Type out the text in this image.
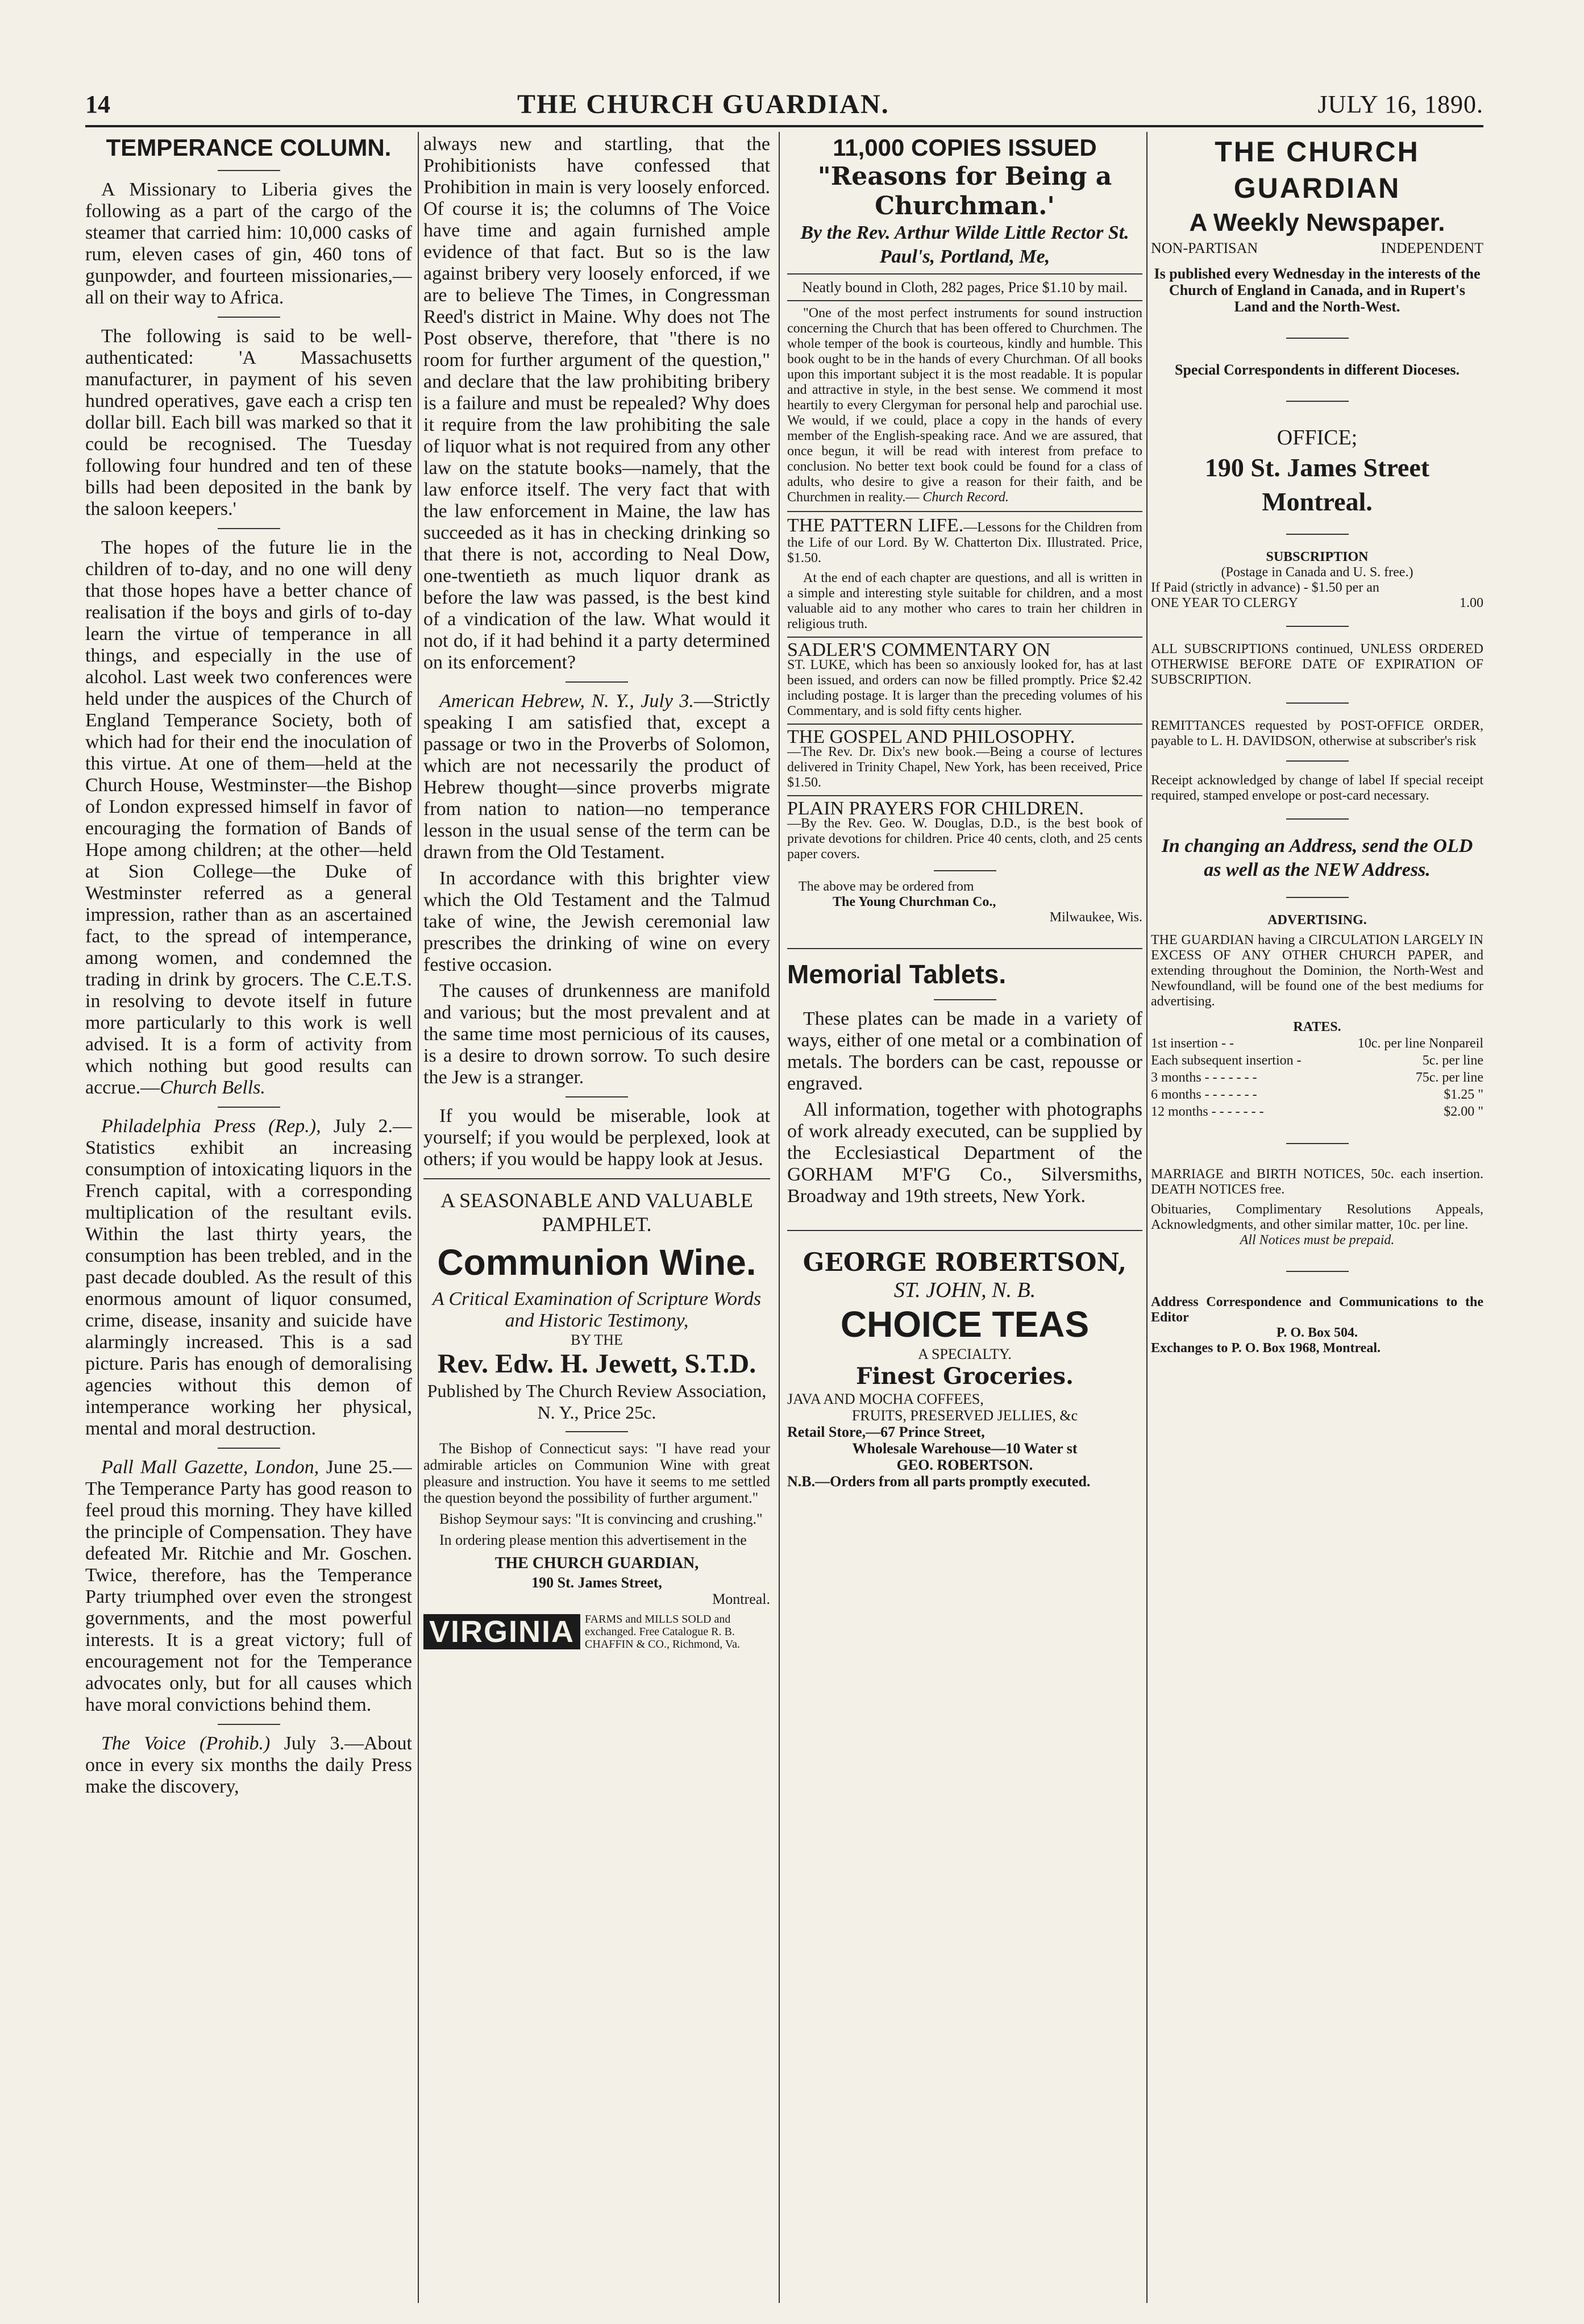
14	THE CHURCH GUARDIAN.	JULY 16, 1890.
TEMPERANCE COLUMN.

A Missionary to Liberia gives the following as a part of the cargo of the steamer that carried him: 10,000 casks of rum, eleven cases of gin, 460 tons of gunpowder, and fourteen missionaries,—all on their way to Africa.

The following is said to be well-authenticated: 'A Massachusetts manufacturer, in payment of his seven hundred operatives, gave each a crisp ten dollar bill. Each bill was marked so that it could be recognised. The Tuesday following four hundred and ten of these bills had been deposited in the bank by the saloon keepers.'

The hopes of the future lie in the children of to-day, and no one will deny that those hopes have a better chance of realisation if the boys and girls of to-day learn the virtue of temperance in all things, and especially in the use of alcohol. Last week two conferences were held under the auspices of the Church of England Temperance Society, both of which had for their end the inoculation of this virtue. At one of them—held at the Church House, Westminster—the Bishop of London expressed himself in favor of encouraging the formation of Bands of Hope among children; at the other—held at Sion College—the Duke of Westminster referred as a general impression, rather than as an ascertained fact, to the spread of intemperance, among women, and condemned the trading in drink by grocers. The C.E.T.S. in resolving to devote itself in future more particularly to this work is well advised. It is a form of activity from which nothing but good results can accrue.—Church Bells.

Philadelphia Press (Rep.), July 2.—Statistics exhibit an increasing consumption of intoxicating liquors in the French capital, with a corresponding multiplication of the resultant evils. Within the last thirty years, the consumption has been trebled, and in the past decade doubled. As the result of this enormous amount of liquor consumed, crime, disease, insanity and suicide have alarmingly increased. This is a sad picture. Paris has enough of demoralising agencies without this demon of intemperance working her physical, mental and moral destruction.

Pall Mall Gazette, London, June 25.—The Temperance Party has good reason to feel proud this morning. They have killed the principle of Compensation. They have defeated Mr. Ritchie and Mr. Goschen. Twice, therefore, has the Temperance Party triumphed over even the strongest governments, and the most powerful interests. It is a great victory; full of encouragement not for the Temperance advocates only, but for all causes which have moral convictions behind them.

The Voice (Prohib.) July 3.—About once in every six months the daily Press make the discovery,

always new and startling, that the Prohibitionists have confessed that Prohibition in main is very loosely enforced. Of course it is; the columns of The Voice have time and again furnished ample evidence of that fact. But so is the law against bribery very loosely enforced, if we are to believe The Times, in Congressman Reed's district in Maine. Why does not The Post observe, therefore, that "there is no room for further argument of the question," and declare that the law prohibiting bribery is a failure and must be repealed? Why does it require from the law prohibiting the sale of liquor what is not required from any other law on the statute books—namely, that the law enforce itself. The very fact that with the law enforcement in Maine, the law has succeeded as it has in checking drinking so that there is not, according to Neal Dow, one-twentieth as much liquor drank as before the law was passed, is the best kind of a vindication of the law. What would it not do, if it had behind it a party determined on its enforcement?

American Hebrew, N. Y., July 3.—Strictly speaking I am satisfied that, except a passage or two in the Proverbs of Solomon, which are not necessarily the product of Hebrew thought—since proverbs migrate from nation to nation—no temperance lesson in the usual sense of the term can be drawn from the Old Testament.

In accordance with this brighter view which the Old Testament and the Talmud take of wine, the Jewish ceremonial law prescribes the drinking of wine on every festive occasion.

The causes of drunkenness are manifold and various; but the most prevalent and at the same time most pernicious of its causes, is a desire to drown sorrow. To such desire the Jew is a stranger.

If you would be miserable, look at yourself; if you would be perplexed, look at others; if you would be happy look at Jesus.

A SEASONABLE AND VALUABLE PAMPHLET.
Communion Wine.
A Critical Examination of Scripture Words and Historic Testimony,
BY THE
Rev. Edw. H. Jewett, S.T.D.
Published by The Church Review Association, N. Y., Price 25c.

The Bishop of Connecticut says: "I have read your admirable articles on Communion Wine with great pleasure and instruction. You have it seems to me settled the question beyond the possibility of further argument."

Bishop Seymour says: "It is convincing and crushing."

In ordering please mention this advertisement in the

THE CHURCH GUARDIAN,
190 St. James Street,
Montreal.
VIRGINIA FARMS and MILLS SOLD and exchanged. Free Catalogue R. B. CHAFFIN & CO., Richmond, Va.
11,000 COPIES ISSUED
"Reasons for Being a Churchman.'
By the Rev. Arthur Wilde Little Rector St. Paul's, Portland, Me,
Neatly bound in Cloth, 282 pages, Price $1.10 by mail.

"One of the most perfect instruments for sound instruction concerning the Church that has been offered to Churchmen. The whole temper of the book is courteous, kindly and humble. This book ought to be in the hands of every Churchman. Of all books upon this important subject it is the most readable. It is popular and attractive in style, in the best sense. We commend it most heartily to every Clergyman for personal help and parochial use. We would, if we could, place a copy in the hands of every member of the English-speaking race. And we are assured, that once begun, it will be read with interest from preface to conclusion. No better text book could be found for a class of adults, who desire to give a reason for their faith, and be Churchmen in reality.— Church Record.

THE PATTERN LIFE.—Lessons for the Children from the Life of our Lord. By W. Chatterton Dix. Illustrated. Price, $1.50.

At the end of each chapter are questions, and all is written in a simple and interesting style suitable for children, and a most valuable aid to any mother who cares to train her children in religious truth.

SADLER'S COMMENTARY ON
ST. LUKE, which has been so anxiously looked for, has at last been issued, and orders can now be filled promptly. Price $2.42 including postage. It is larger than the preceding volumes of his Commentary, and is sold fifty cents higher.

THE GOSPEL AND PHILOSOPHY.
—The Rev. Dr. Dix's new book.—Being a course of lectures delivered in Trinity Chapel, New York, has been received, Price $1.50.

PLAIN PRAYERS FOR CHILDREN.
—By the Rev. Geo. W. Douglas, D.D., is the best book of private devotions for children. Price 40 cents, cloth, and 25 cents paper covers.

The above may be ordered from
The Young Churchman Co.,
Milwaukee, Wis.
Memorial Tablets.

These plates can be made in a variety of ways, either of one metal or a combination of metals. The borders can be cast, repousse or engraved.

All information, together with photographs of work already executed, can be supplied by the Ecclesiastical Department of the GORHAM M'F'G Co., Silversmiths, Broadway and 19th streets, New York.

GEORGE ROBERTSON,
ST. JOHN, N. B.
CHOICE TEAS
A SPECIALTY.
Finest Groceries.
JAVA AND MOCHA COFFEES,
FRUITS, PRESERVED JELLIES, &c
Retail Store,—67 Prince Street,
Wholesale Warehouse—10 Water st
GEO. ROBERTSON.
N.B.—Orders from all parts promptly executed.
THE CHURCH GUARDIAN
A Weekly Newspaper.
NON-PARTISAN	INDEPENDENT
Is published every Wednesday in the interests of the Church of England in Canada, and in Rupert's Land and the North-West.
Special Correspondents in different Dioceses.
OFFICE;
190 St. James Street Montreal.
SUBSCRIPTION
(Postage in Canada and U. S. free.)
If Paid (strictly in advance) - $1.50 per an
ONE YEAR TO CLERGY	1.00
ALL SUBSCRIPTIONS continued, UNLESS ORDERED OTHERWISE BEFORE DATE OF EXPIRATION OF SUBSCRIPTION.
REMITTANCES requested by POST-OFFICE ORDER, payable to L. H. DAVIDSON, otherwise at subscriber's risk
Receipt acknowledged by change of label If special receipt required, stamped envelope or post-card necessary.
In changing an Address, send the OLD as well as the NEW Address.
ADVERTISING.
THE GUARDIAN having a CIRCULATION LARGELY IN EXCESS OF ANY OTHER CHURCH PAPER, and extending throughout the Dominion, the North-West and Newfoundland, will be found one of the best mediums for advertising.
RATES.
1st insertion - -	10c. per line Nonpareil
Each subsequent insertion -	5c. per line
3 months - - - - - - -	75c. per line
6 months - - - - - - -	$1.25 "
12 months - - - - - - -	$2.00 "
MARRIAGE and BIRTH NOTICES, 50c. each insertion. DEATH NOTICES free.
Obituaries, Complimentary Resolutions Appeals, Acknowledgments, and other similar matter, 10c. per line.
All Notices must be prepaid.
Address Correspondence and Communications to the Editor
P. O. Box 504.
Exchanges to P. O. Box 1968, Montreal.
